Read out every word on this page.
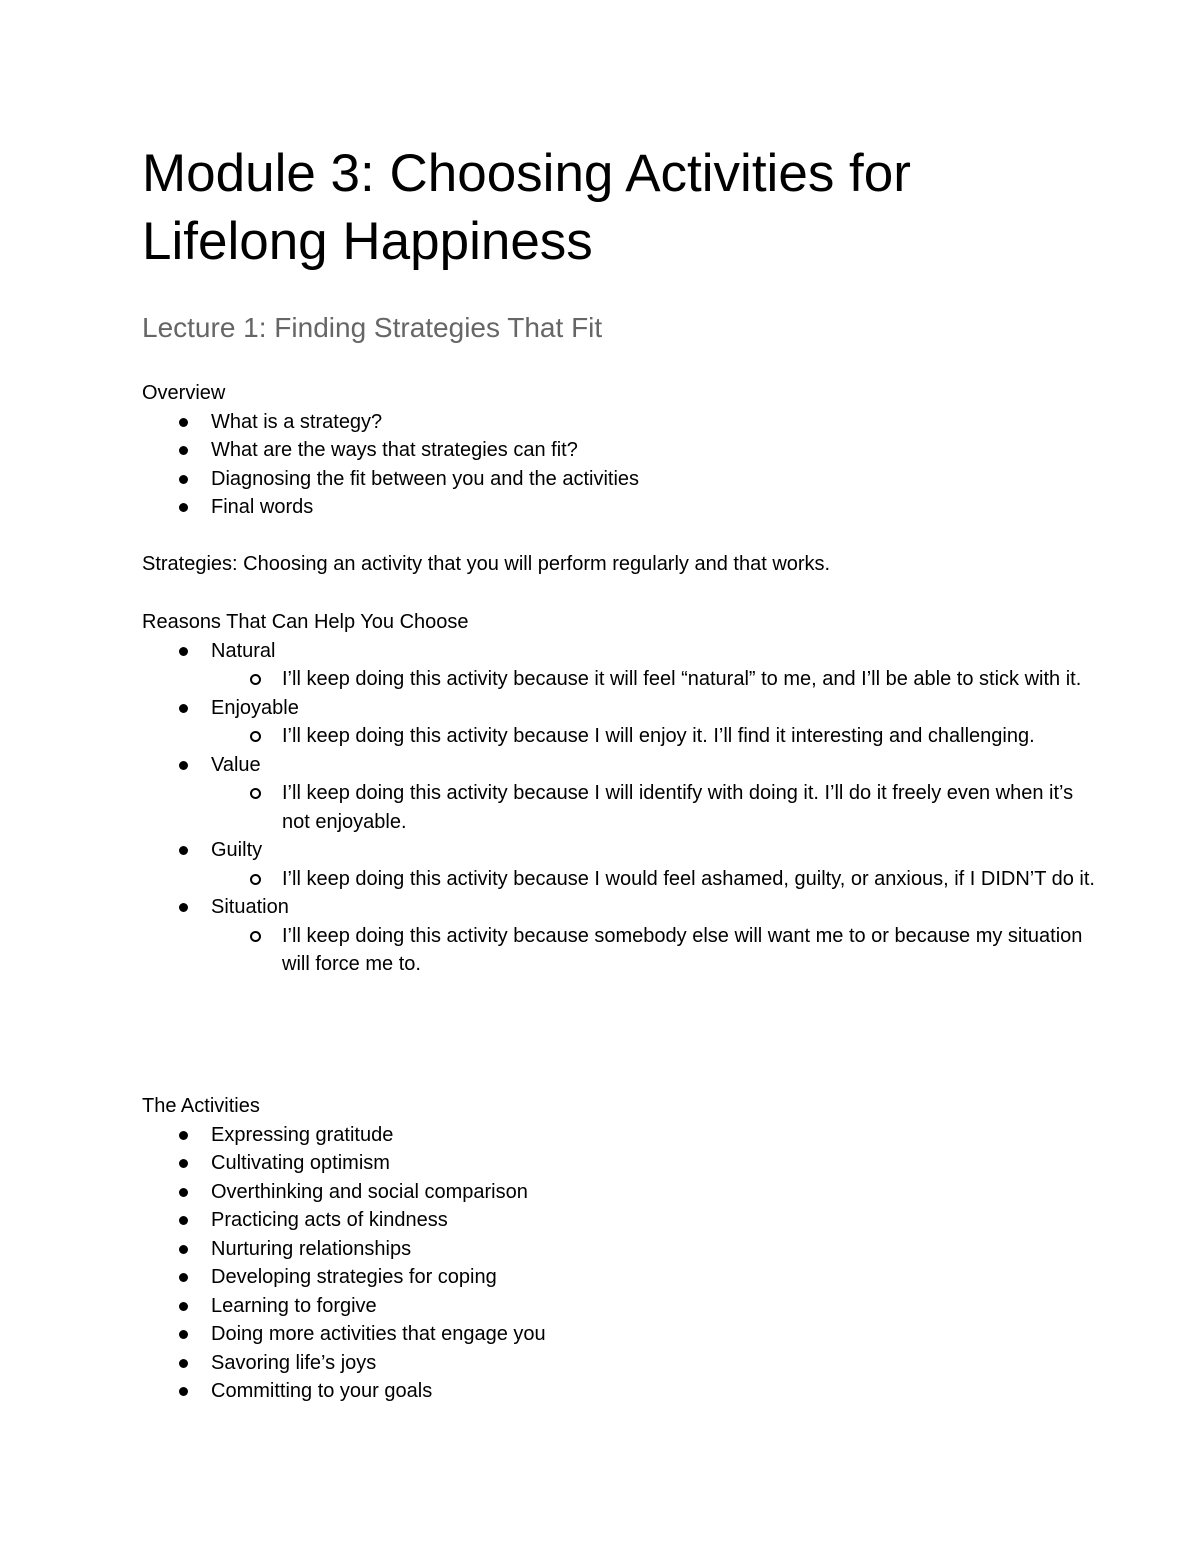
Module 3: Choosing Activities for Lifelong Happiness
Lecture 1: Finding Strategies That Fit

Overview

What is a strategy?
What are the ways that strategies can fit?
Diagnosing the fit between you and the activities
Final words

Strategies: Choosing an activity that you will perform regularly and that works.

Reasons That Can Help You Choose

Natural
I’ll keep doing this activity because it will feel “natural” to me, and I’ll be able to stick with it.
Enjoyable
I’ll keep doing this activity because I will enjoy it. I’ll find it interesting and challenging.
Value
I’ll keep doing this activity because I will identify with doing it. I’ll do it freely even when it’s not enjoyable.
Guilty
I’ll keep doing this activity because I would feel ashamed, guilty, or anxious, if I DIDN’T do it.
Situation
I’ll keep doing this activity because somebody else will want me to or because my situation will force me to.

The Activities

Expressing gratitude
Cultivating optimism
Overthinking and social comparison
Practicing acts of kindness
Nurturing relationships
Developing strategies for coping
Learning to forgive
Doing more activities that engage you
Savoring life’s joys
Committing to your goals
